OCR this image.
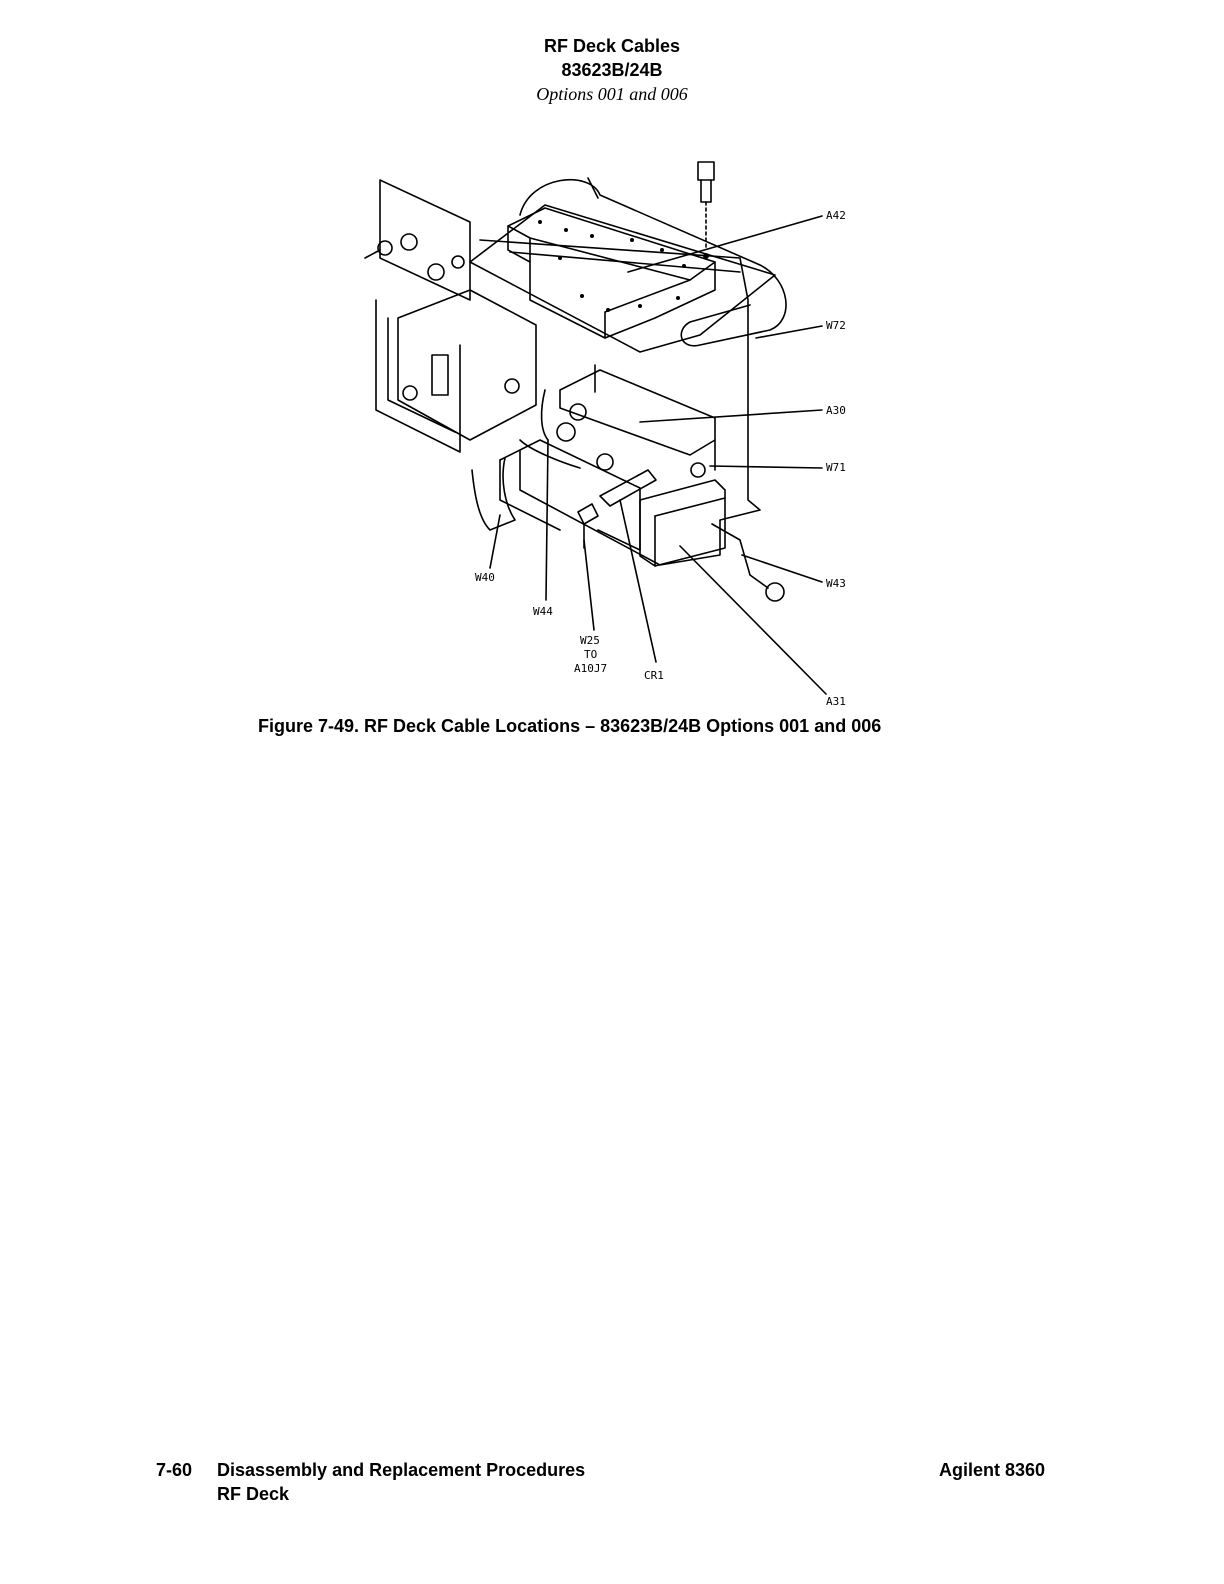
RF Deck Cables
83623B/24B
Options 001 and 006
A42
W72
A30
W71
W43
A31
W40
W44
W25
TO
A10J7
CR1
Figure 7-49. RF Deck Cable Locations – 83623B/24B Options 001 and 006
7-60 Disassembly and Replacement Procedures
RF Deck
Agilent 8360
